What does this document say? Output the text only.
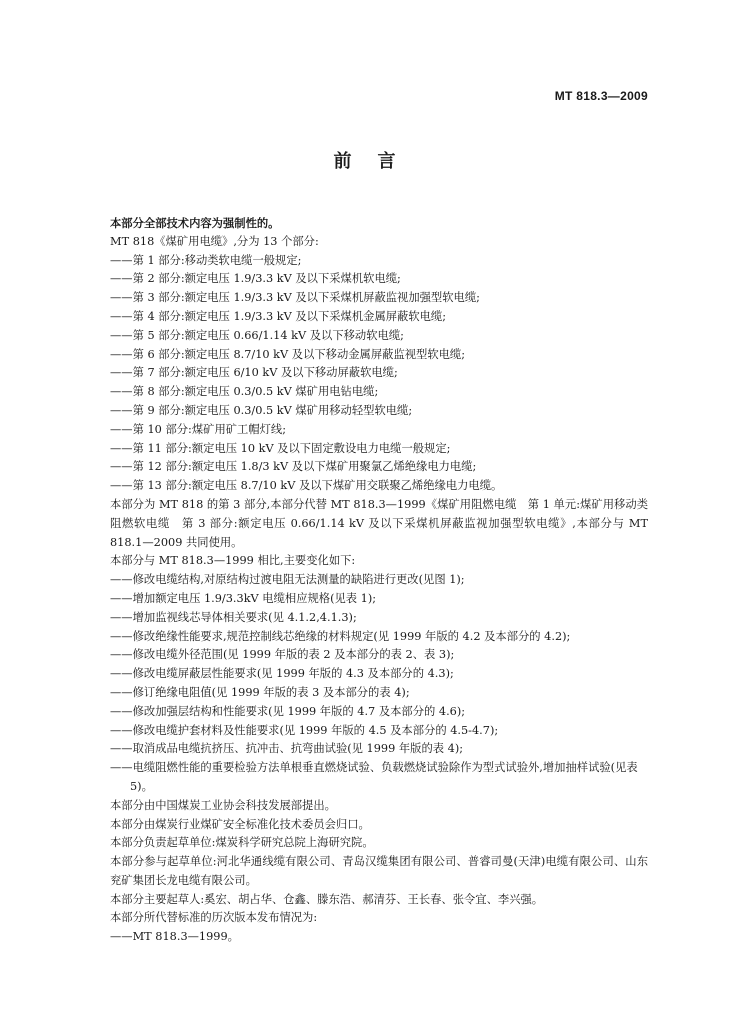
MT 818.3—2009
前言

本部分全部技术内容为强制性的。

MT 818《煤矿用电缆》,分为 13 个部分:

——第 1 部分:移动类软电缆一般规定;

——第 2 部分:额定电压 1.9/3.3 kV 及以下采煤机软电缆;

——第 3 部分:额定电压 1.9/3.3 kV 及以下采煤机屏蔽监视加强型软电缆;

——第 4 部分:额定电压 1.9/3.3 kV 及以下采煤机金属屏蔽软电缆;

——第 5 部分:额定电压 0.66/1.14 kV 及以下移动软电缆;

——第 6 部分:额定电压 8.7/10 kV 及以下移动金属屏蔽监视型软电缆;

——第 7 部分:额定电压 6/10 kV 及以下移动屏蔽软电缆;

——第 8 部分:额定电压 0.3/0.5 kV 煤矿用电钻电缆;

——第 9 部分:额定电压 0.3/0.5 kV 煤矿用移动轻型软电缆;

——第 10 部分:煤矿用矿工帽灯线;

——第 11 部分:额定电压 10 kV 及以下固定敷设电力电缆一般规定;

——第 12 部分:额定电压 1.8/3 kV 及以下煤矿用聚氯乙烯绝缘电力电缆;

——第 13 部分:额定电压 8.7/10 kV 及以下煤矿用交联聚乙烯绝缘电力电缆。

本部分为 MT 818 的第 3 部分,本部分代替 MT 818.3—1999《煤矿用阻燃电缆　第 1 单元:煤矿用移动类阻燃软电缆　第 3 部分:额定电压 0.66/1.14 kV 及以下采煤机屏蔽监视加强型软电缆》,本部分与 MT 818.1—2009 共同使用。

本部分与 MT 818.3—1999 相比,主要变化如下:

——修改电缆结构,对原结构过渡电阻无法测量的缺陷进行更改(见图 1);

——增加额定电压 1.9/3.3kV 电缆相应规格(见表 1);

——增加监视线芯导体相关要求(见 4.1.2,4.1.3);

——修改绝缘性能要求,规范控制线芯绝缘的材料规定(见 1999 年版的 4.2 及本部分的 4.2);

——修改电缆外径范围(见 1999 年版的表 2 及本部分的表 2、表 3);

——修改电缆屏蔽层性能要求(见 1999 年版的 4.3 及本部分的 4.3);

——修订绝缘电阻值(见 1999 年版的表 3 及本部分的表 4);

——修改加强层结构和性能要求(见 1999 年版的 4.7 及本部分的 4.6);

——修改电缆护套材料及性能要求(见 1999 年版的 4.5 及本部分的 4.5-4.7);

——取消成品电缆抗挤压、抗冲击、抗弯曲试验(见 1999 年版的表 4);

——电缆阻燃性能的重要检验方法单根垂直燃烧试验、负载燃烧试验除作为型式试验外,增加抽样试验(见表 5)。

本部分由中国煤炭工业协会科技发展部提出。

本部分由煤炭行业煤矿安全标准化技术委员会归口。

本部分负责起草单位:煤炭科学研究总院上海研究院。

本部分参与起草单位:河北华通线缆有限公司、青岛汉缆集团有限公司、普睿司曼(天津)电缆有限公司、山东兖矿集团长龙电缆有限公司。

本部分主要起草人:奚宏、胡占华、仓鑫、滕东浩、郝清芬、王长春、张令宜、李兴强。

本部分所代替标准的历次版本发布情况为:

——MT 818.3—1999。
